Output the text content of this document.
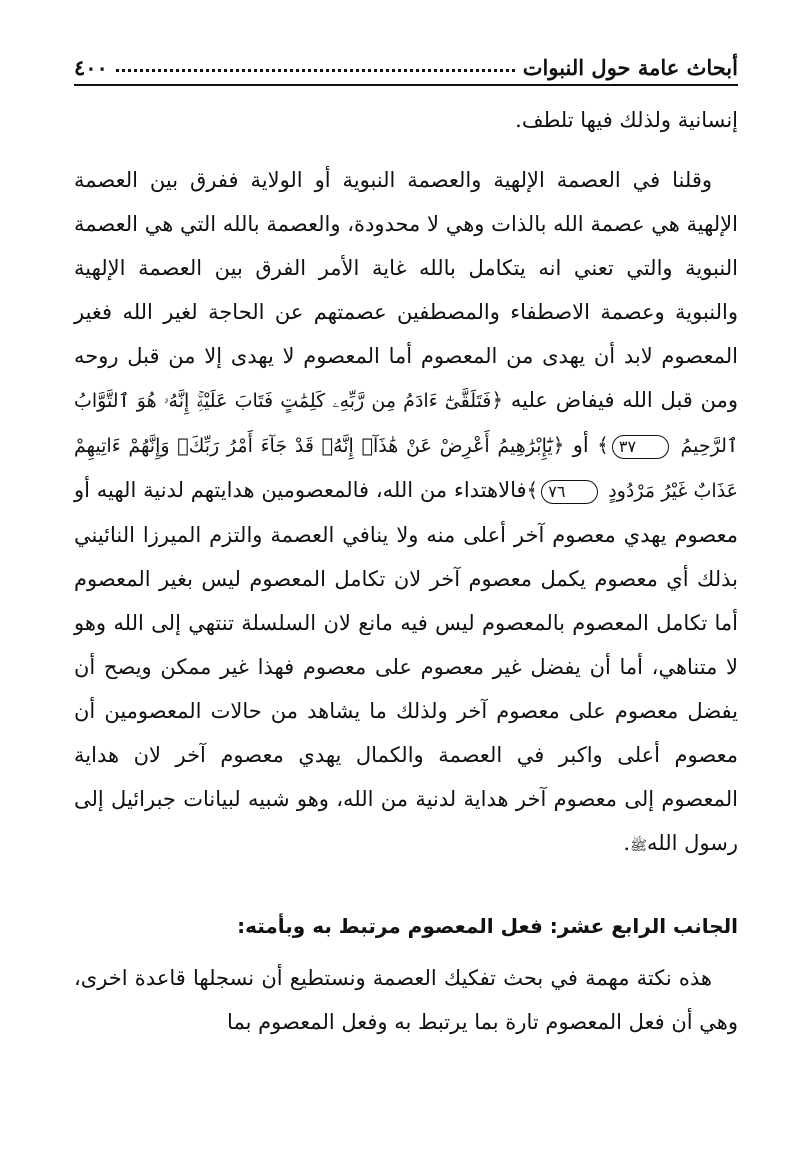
أبحاث عامة حول النبوات
٤٠٠

إنسانية ولذلك فيها تلطف.

وقلنا في العصمة الإلهية والعصمة النبوية أو الولاية ففرق بين العصمة الإلهية هي عصمة الله بالذات وهي لا محدودة، والعصمة بالله التي هي العصمة النبوية والتي تعني انه يتكامل بالله غاية الأمر الفرق بين العصمة الإلهية والنبوية وعصمة الاصطفاء والمصطفين عصمتهم عن الحاجة لغير الله فغير المعصوم لابد أن يهدى من المعصوم أما المعصوم لا يهدى إلا من قبل روحه ومن قبل الله فيفاض عليه ﴿فَتَلَقَّىٰٓ ءَادَمُ مِن رَّبِّهِۦ كَلِمَٰتٍ فَتَابَ عَلَيْهِۚ إِنَّهُۥ هُوَ ٱلتَّوَّابُ ٱلرَّحِيمُ ٣٧﴾ أو ﴿يَٰٓإِبْرَٰهِيمُ أَعْرِضْ عَنْ هَٰذَآۖ إِنَّهُۥ قَدْ جَآءَ أَمْرُ رَبِّكَۖ وَإِنَّهُمْ ءَاتِيهِمْ عَذَابٌ غَيْرُ مَرْدُودٍ ٧٦﴾فالاهتداء من الله، فالمعصومين هدايتهم لدنية الهيه أو معصوم يهدي معصوم آخر أعلى منه ولا ينافي العصمة والتزم الميرزا النائيني بذلك أي معصوم يكمل معصوم آخر لان تكامل المعصوم ليس بغير المعصوم أما تكامل المعصوم بالمعصوم ليس فيه مانع لان السلسلة تنتهي إلى الله وهو لا متناهي، أما أن يفضل غير معصوم على معصوم فهذا غير ممكن ويصح أن يفضل معصوم على معصوم آخر ولذلك ما يشاهد من حالات المعصومين أن معصوم أعلى واكبر في العصمة والكمال يهدي معصوم آخر لان هداية المعصوم إلى معصوم آخر هداية لدنية من الله، وهو شبيه لبيانات جبرائيل إلى رسول اللهﷺ.

الجانب الرابع عشر: فعل المعصوم مرتبط به وبأمته:

هذه نكتة مهمة في بحث تفكيك العصمة ونستطيع أن نسجلها قاعدة اخرى، وهي أن فعل المعصوم تارة بما يرتبط به وفعل المعصوم بما
